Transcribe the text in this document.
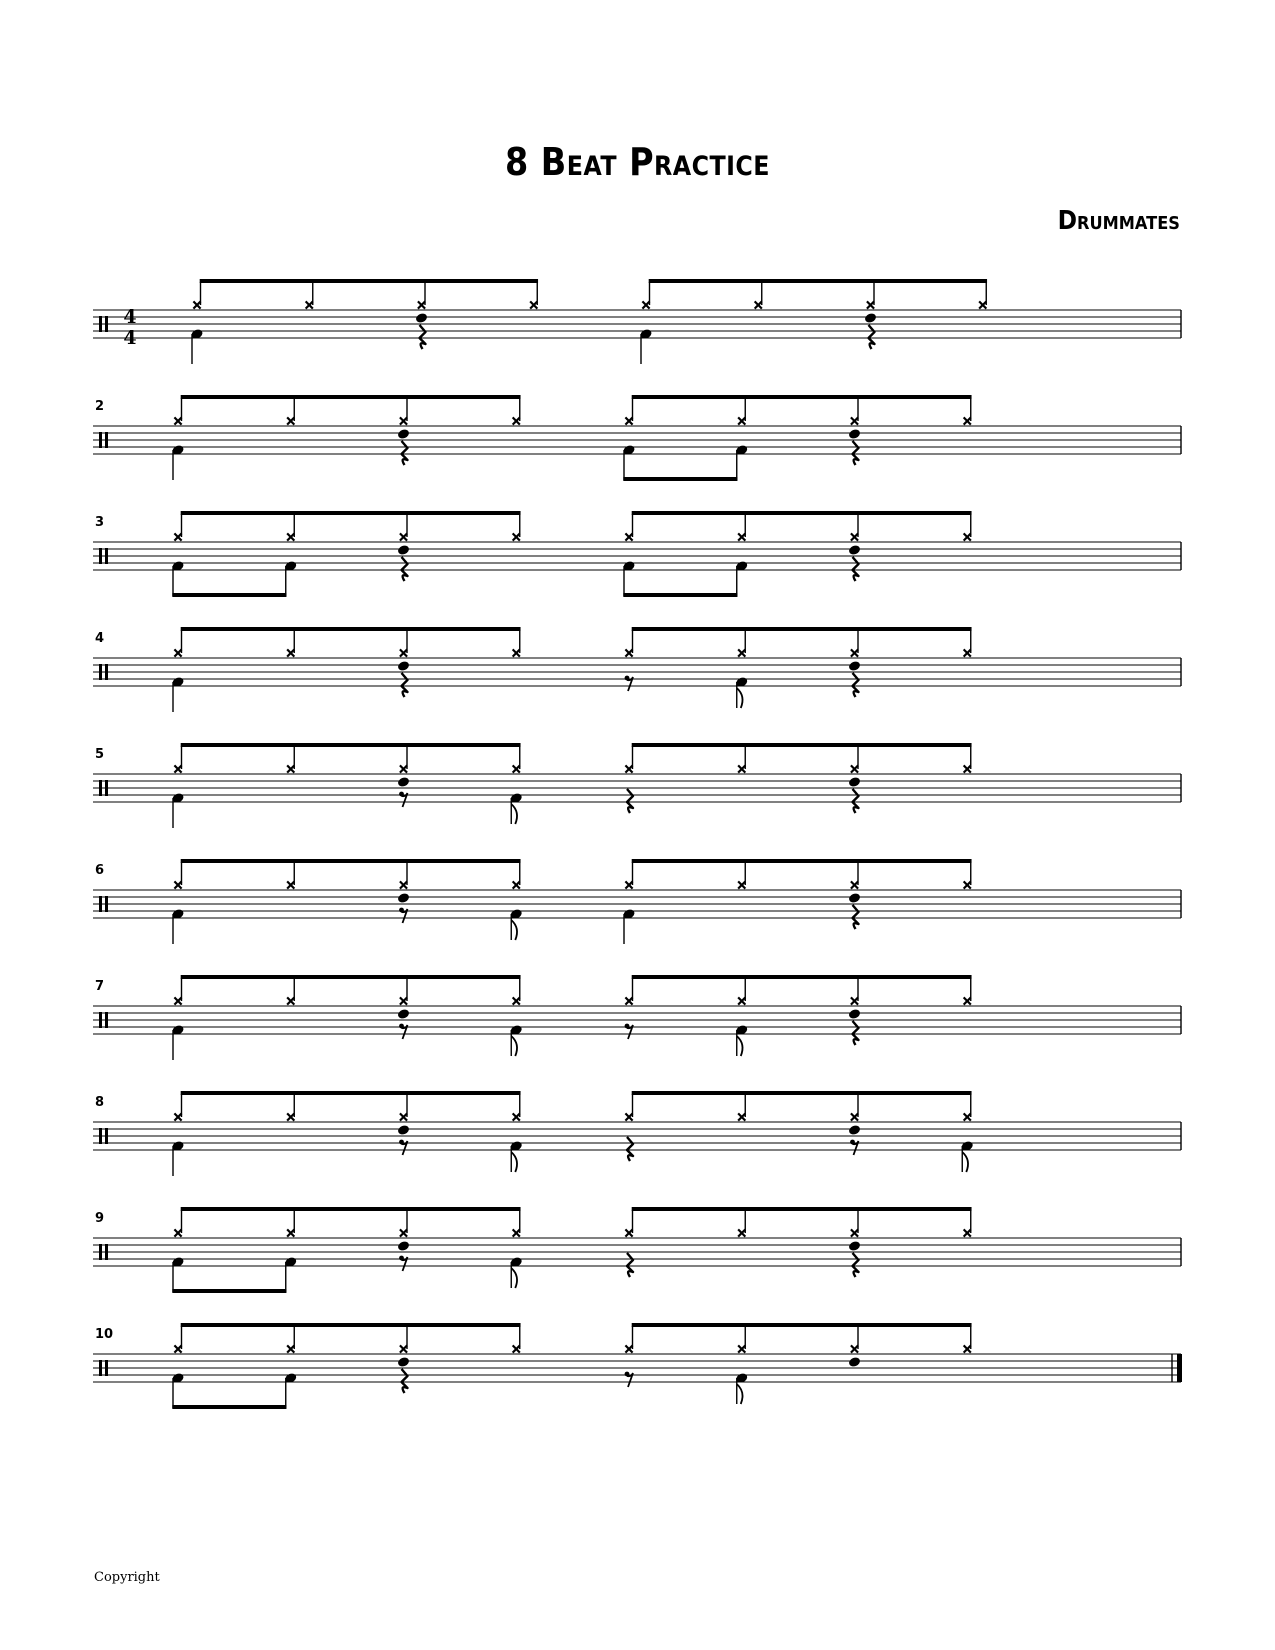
8 Beat Practice
Drummates
Copyright
4
4
2
3
4
5
6
7
8
9
10
